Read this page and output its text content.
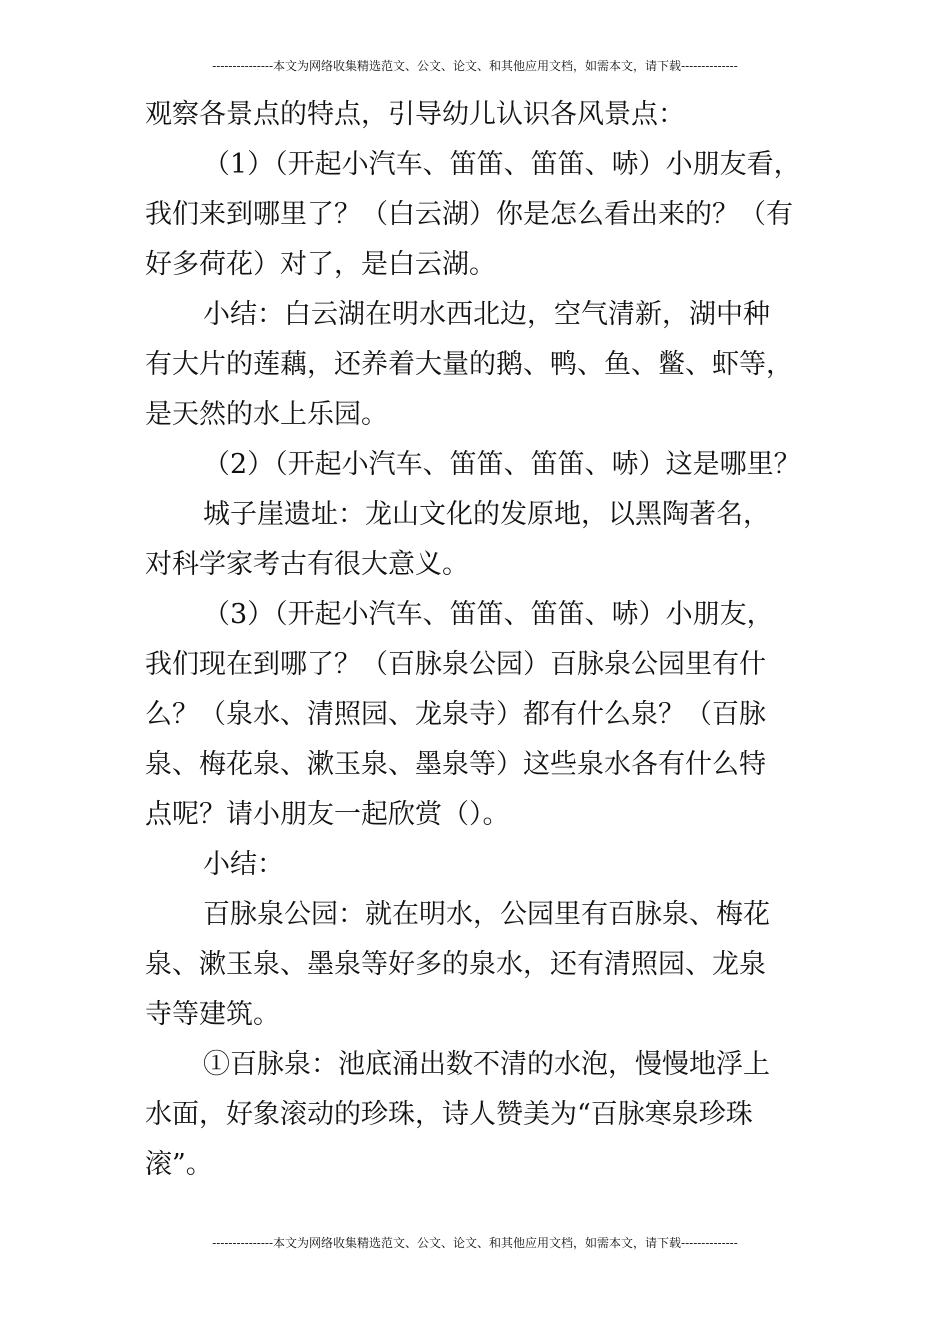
---------------本文为网络收集精选范文、公文、论文、和其他应用文档，如需本文，请下载--------------
观察各景点的特点，引导幼儿认识各风景点：
（1）（开起小汽车、笛笛、笛笛、哧）小朋友看，
我们来到哪里了？（白云湖）你是怎么看出来的？（有
好多荷花）对了，是白云湖。
小结：白云湖在明水西北边，空气清新，湖中种
有大片的莲藕，还养着大量的鹅、鸭、鱼、鳖、虾等，
是天然的水上乐园。
（2）（开起小汽车、笛笛、笛笛、哧）这是哪里？
城子崖遗址：龙山文化的发原地，以黑陶著名，
对科学家考古有很大意义。
（3）（开起小汽车、笛笛、笛笛、哧）小朋友，
我们现在到哪了？（百脉泉公园）百脉泉公园里有什
么？（泉水、清照园、龙泉寺）都有什么泉？（百脉
泉、梅花泉、漱玉泉、墨泉等）这些泉水各有什么特
点呢？请小朋友一起欣赏（）。
小结：
百脉泉公园：就在明水，公园里有百脉泉、梅花
泉、漱玉泉、墨泉等好多的泉水，还有清照园、龙泉
寺等建筑。
①百脉泉：池底涌出数不清的水泡，慢慢地浮上
水面，好象滚动的珍珠，诗人赞美为“百脉寒泉珍珠
滚”。
---------------本文为网络收集精选范文、公文、论文、和其他应用文档，如需本文，请下载--------------
